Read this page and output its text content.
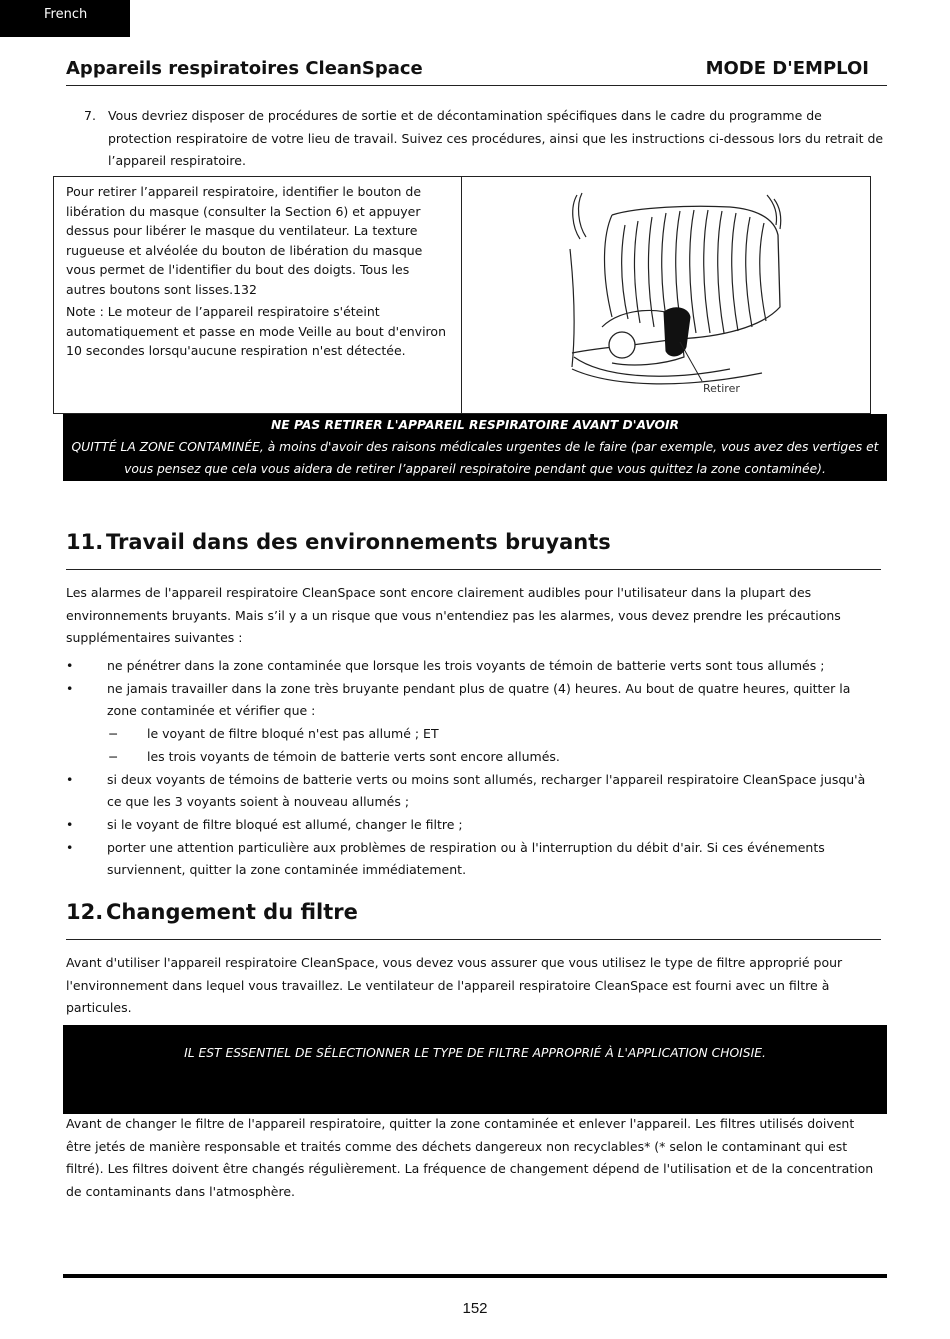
French
Appareils respiratoires CleanSpace	MODE D'EMPLOI
7. Vous devriez disposer de procédures de sortie et de décontamination spécifiques dans le cadre du programme de protection respiratoire de votre lieu de travail. Suivez ces procédures, ainsi que les instructions ci-dessous lors du retrait de l’appareil respiratoire.

Pour retirer l’appareil respiratoire, identifier le bouton de libération du masque (consulter la Section 6) et appuyer dessus pour libérer le masque du ventilateur. La texture rugueuse et alvéolée du bouton de libération du masque vous permet de l'identifier du bout des doigts. Tous les autres boutons sont lisses.132

Note : Le moteur de l’appareil respiratoire s'éteint automatiquement et passe en mode Veille au bout d'environ 10 secondes lorsqu'aucune respiration n'est détectée.

Retirer
NE PAS RETIRER L'APPAREIL RESPIRATOIRE AVANT D'AVOIR
QUITTÉ LA ZONE CONTAMINÉE, à moins d'avoir des raisons médicales urgentes de le faire (par exemple, vous avez des vertiges et vous pensez que cela vous aidera de retirer l’appareil respiratoire pendant que vous quittez la zone contaminée).
11. Travail dans des environnements bruyants

Les alarmes de l'appareil respiratoire CleanSpace sont encore clairement audibles pour l'utilisateur dans la plupart des environnements bruyants. Mais s’il y a un risque que vous n'entendiez pas les alarmes, vous devez prendre les précautions supplémentaires suivantes :

•	ne pénétrer dans la zone contaminée que lorsque les trois voyants de témoin de batterie verts sont tous allumés ;
•	ne jamais travailler dans la zone très bruyante pendant plus de quatre (4) heures. Au bout de quatre heures, quitter la zone contaminée et vérifier que :
− le voyant de filtre bloqué n'est pas allumé ; ET
− les trois voyants de témoin de batterie verts sont encore allumés.
•	si deux voyants de témoins de batterie verts ou moins sont allumés, recharger l'appareil respiratoire CleanSpace jusqu'à ce que les 3 voyants soient à nouveau allumés ;
•	si le voyant de filtre bloqué est allumé, changer le filtre ;
•	porter une attention particulière aux problèmes de respiration ou à l'interruption du débit d'air. Si ces événements surviennent, quitter la zone contaminée immédiatement.
12. Changement du filtre

Avant d'utiliser l'appareil respiratoire CleanSpace, vous devez vous assurer que vous utilisez le type de filtre approprié pour l'environnement dans lequel vous travaillez. Le ventilateur de l'appareil respiratoire CleanSpace est fourni avec un filtre à particules.

IL EST ESSENTIEL DE SÉLECTIONNER LE TYPE DE FILTRE APPROPRIÉ À L'APPLICATION CHOISIE.

Avant de changer le filtre de l'appareil respiratoire, quitter la zone contaminée et enlever l'appareil. Les filtres utilisés doivent être jetés de manière responsable et traités comme des déchets dangereux non recyclables* (* selon le contaminant qui est filtré). Les filtres doivent être changés régulièrement. La fréquence de changement dépend de l'utilisation et de la concentration de contaminants dans l'atmosphère.

152
